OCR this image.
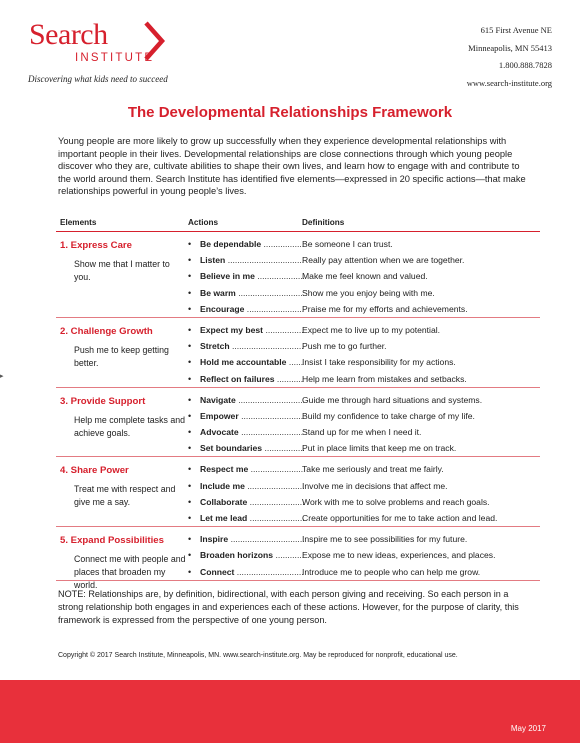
Search
INSTITUTE
Discovering what kids need to succeed
615 First Avenue NE
Minneapolis, MN 55413
1.800.888.7828
www.search-institute.org
The Developmental Relationships Framework
Young people are more likely to grow up successfully when they experience developmental relationships with important people in their lives. Developmental relationships are close connections through which young people discover who they are, cultivate abilities to shape their own lives, and learn how to engage with and contribute to the world around them. Search Institute has identified five elements—expressed in 20 specific actions—that make relationships powerful in young people’s lives.
Elements	Actions	Definitions
1. Express Care
Show me that I matter to you.
• Be dependable .....	Be someone I can trust.
• Listen .....	Really pay attention when we are together.
• Believe in me .....	Make me feel known and valued.
• Be warm .....	Show me you enjoy being with me.
• Encourage .....	Praise me for my efforts and achievements.
2. Challenge Growth
Push me to keep getting better.
• Expect my best .....	Expect me to live up to my potential.
• Stretch .....	Push me to go further.
• Hold me accountable .....	Insist I take responsibility for my actions.
• Reflect on failures .....	Help me learn from mistakes and setbacks.
3. Provide Support
Help me complete tasks and achieve goals.
• Navigate .....	Guide me through hard situations and systems.
• Empower .....	Build my confidence to take charge of my life.
• Advocate .....	Stand up for me when I need it.
• Set boundaries .....	Put in place limits that keep me on track.
4. Share Power
Treat me with respect and give me a say.
• Respect me .....	Take me seriously and treat me fairly.
• Include me .....	Involve me in decisions that affect me.
• Collaborate .....	Work with me to solve problems and reach goals.
• Let me lead .....	Create opportunities for me to take action and lead.
5. Expand Possibilities
Connect me with people and places that broaden my world.
• Inspire .....	Inspire me to see possibilities for my future.
• Broaden horizons .....	Expose me to new ideas, experiences, and places.
• Connect .....	Introduce me to people who can help me grow.
NOTE: Relationships are, by definition, bidirectional, with each person giving and receiving. So each person in a strong relationship both engages in and experiences each of these actions. However, for the purpose of clarity, this framework is expressed from the perspective of one young person.
Copyright © 2017 Search Institute, Minneapolis, MN. www.search-institute.org. May be reproduced for nonprofit, educational use.
May 2017
▸
